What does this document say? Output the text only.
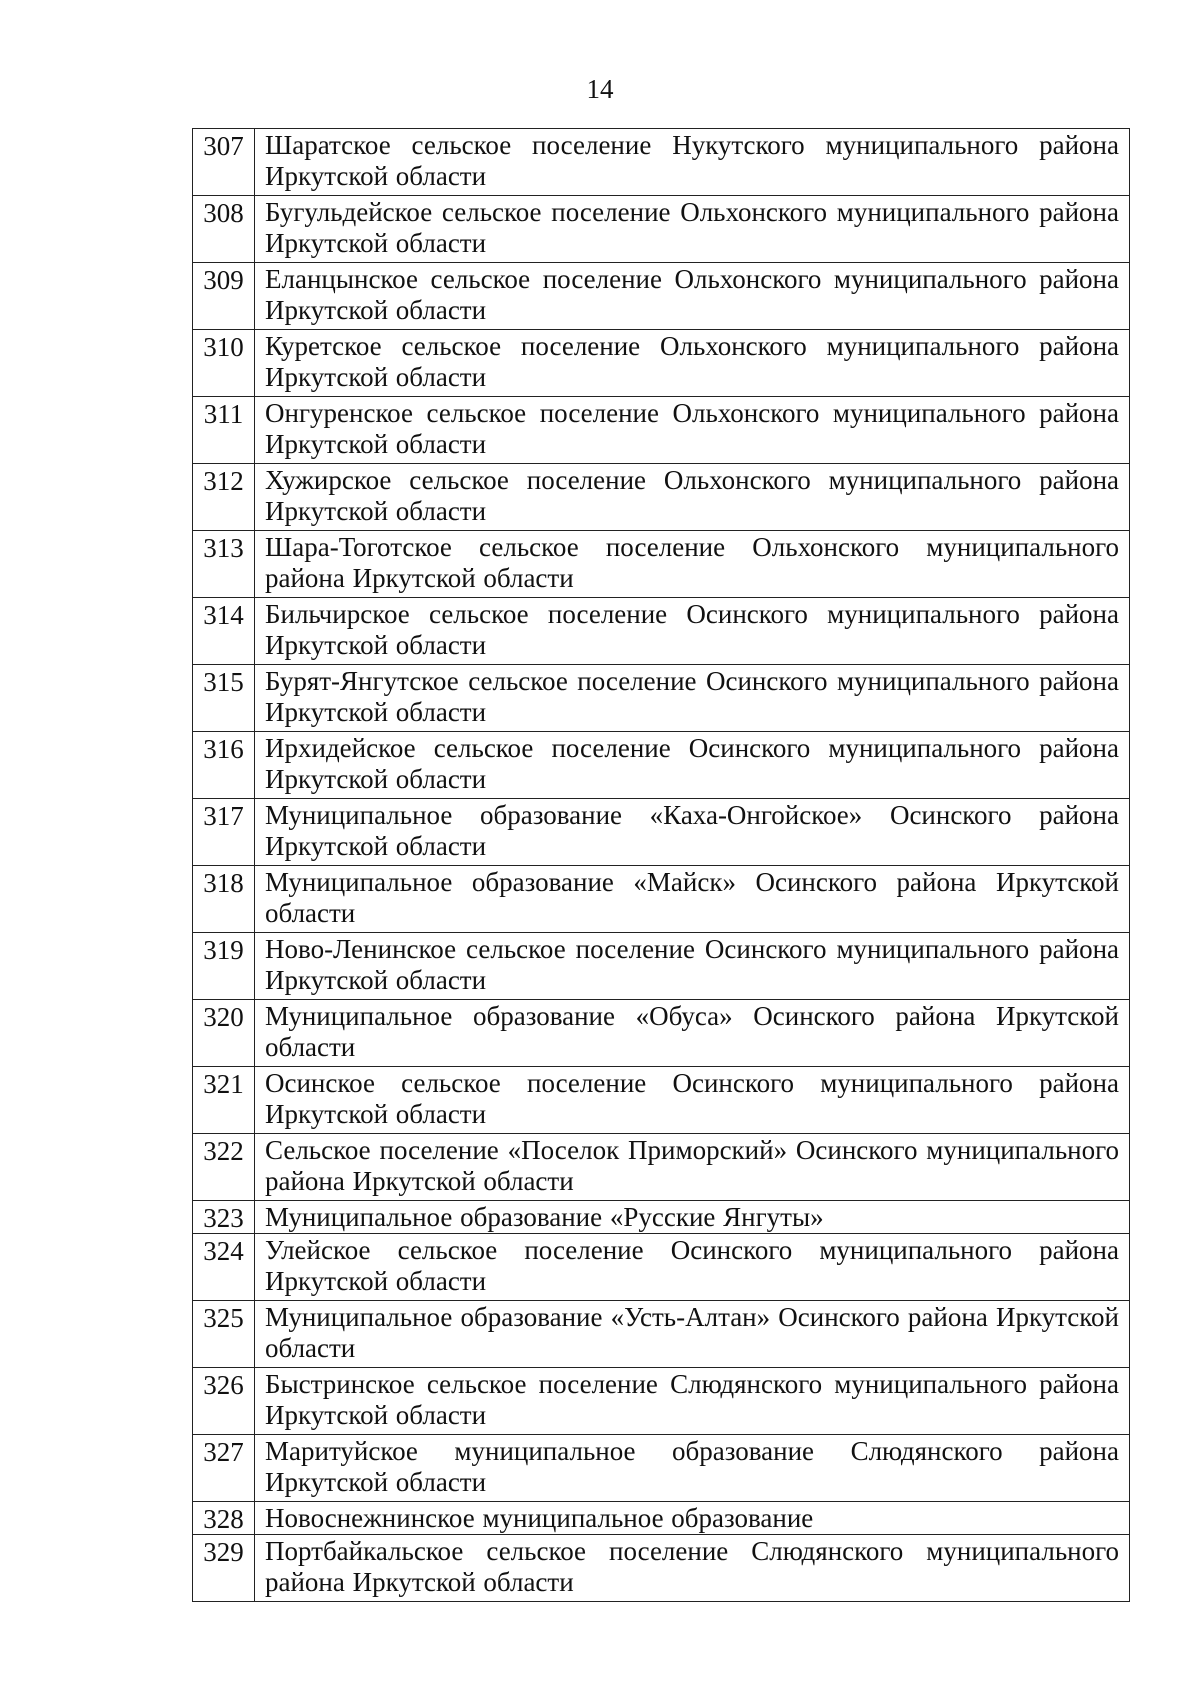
14
307	Шаратское сельское поселение Нукутского муниципального района Иркутской области
308	Бугульдейское сельское поселение Ольхонского муниципального района Иркутской области
309	Еланцынское сельское поселение Ольхонского муниципального района Иркутской области
310	Куретское сельское поселение Ольхонского муниципального района Иркутской области
311	Онгуренское сельское поселение Ольхонского муниципального района Иркутской области
312	Хужирское сельское поселение Ольхонского муниципального района Иркутской области
313	Шара-Тоготское сельское поселение Ольхонского муниципального района Иркутской области
314	Бильчирское сельское поселение Осинского муниципального района Иркутской области
315	Бурят-Янгутское сельское поселение Осинского муниципального района Иркутской области
316	Ирхидейское сельское поселение Осинского муниципального района Иркутской области
317	Муниципальное образование «Каха-Онгойское» Осинского района Иркутской области
318	Муниципальное образование «Майск» Осинского района Иркутской области
319	Ново-Ленинское сельское поселение Осинского муниципального района Иркутской области
320	Муниципальное образование «Обуса» Осинского района Иркутской области
321	Осинское сельское поселение Осинского муниципального района Иркутской области
322	Сельское поселение «Поселок Приморский» Осинского муниципального района Иркутской области
323	Муниципальное образование «Русские Янгуты»
324	Улейское сельское поселение Осинского муниципального района Иркутской области
325	Муниципальное образование «Усть-Алтан» Осинского района Иркутской области
326	Быстринское сельское поселение Слюдянского муниципального района Иркутской области
327	Маритуйское муниципальное образование Слюдянского района Иркутской области
328	Новоснежнинское муниципальное образование
329	Портбайкальское сельское поселение Слюдянского муниципального района Иркутской области
